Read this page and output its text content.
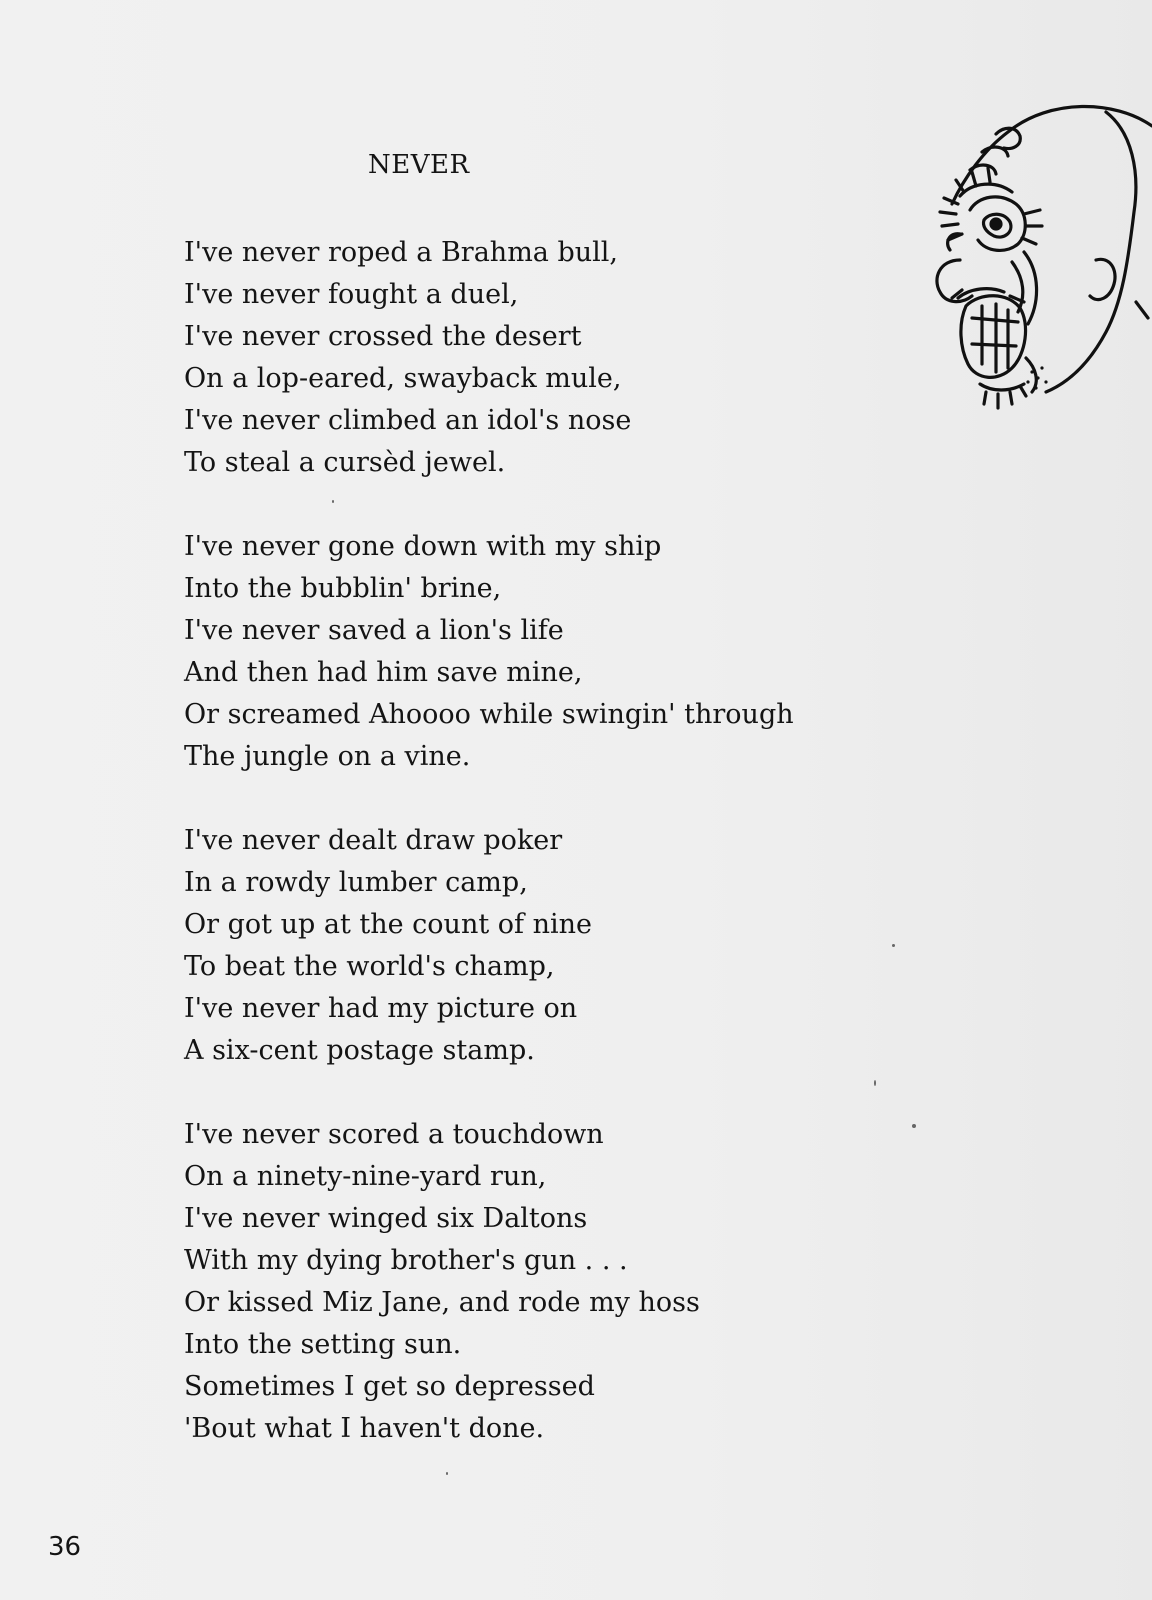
NEVER
I've never roped a Brahma bull,
I've never fought a duel,
I've never crossed the desert
On a lop-eared, swayback mule,
I've never climbed an idol's nose
To steal a cursèd jewel.
I've never gone down with my ship
Into the bubblin' brine,
I've never saved a lion's life
And then had him save mine,
Or screamed Ahoooo while swingin' through
The jungle on a vine.
I've never dealt draw poker
In a rowdy lumber camp,
Or got up at the count of nine
To beat the world's champ,
I've never had my picture on
A six-cent postage stamp.
I've never scored a touchdown
On a ninety-nine-yard run,
I've never winged six Daltons
With my dying brother's gun . . .
Or kissed Miz Jane, and rode my hoss
Into the setting sun.
Sometimes I get so depressed
'Bout what I haven't done.
36
